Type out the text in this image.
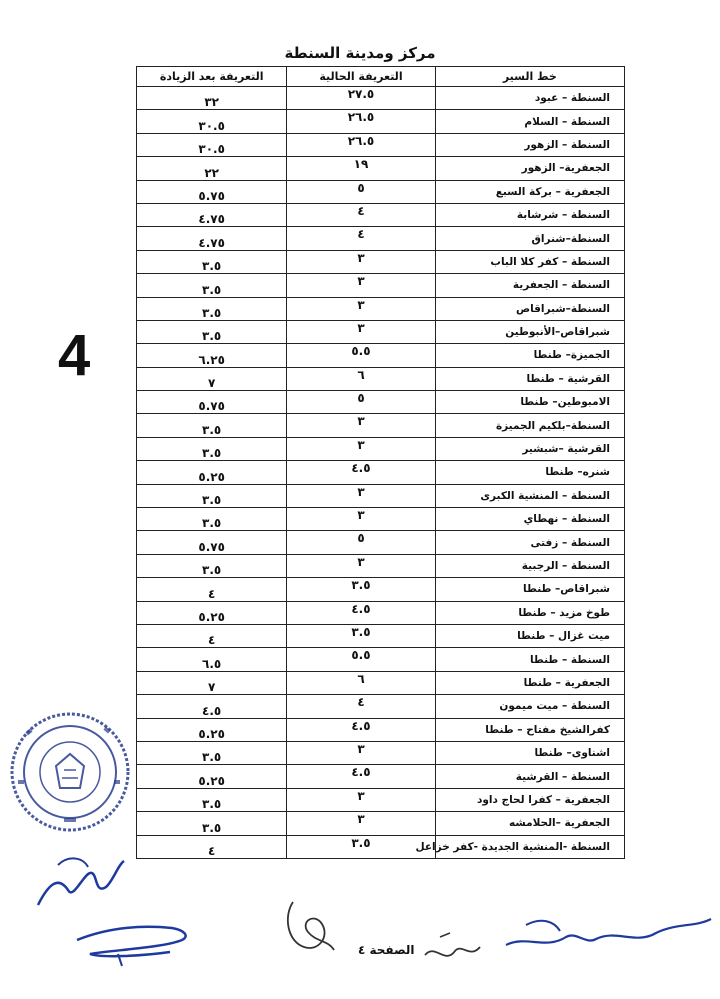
مركز ومدينة السنطة
خط السير	التعريفة الحالية	التعريفة بعد الزيادة
السنطة – عبود	٢٧.٥	٣٢
السنطة – السلام	٢٦.٥	٣٠.٥
السنطة – الزهور	٢٦.٥	٣٠.٥
الجعفرية– الزهور	١٩	٢٢
الجعفرية – بركة السبع	٥	٥.٧٥
السنطة – شرشابة	٤	٤.٧٥
السنطة–شنراق	٤	٤.٧٥
السنطة – كفر كلا الباب	٣	٣.٥
السنطة – الجعفرية	٣	٣.٥
السنطة–شبراقاص	٣	٣.٥
شبراقاص–الأنبوطين	٣	٣.٥
الجميزة– طنطا	٥.٥	٦.٢٥
القرشية – طنطا	٦	٧
الامبوطين– طنطا	٥	٥.٧٥
السنطة–بلكيم الجميزة	٣	٣.٥
القرشية –شبشير	٣	٣.٥
شنره– طنطا	٤.٥	٥.٢٥
السنطة – المنشية الكبرى	٣	٣.٥
السنطة – نهطاي	٣	٣.٥
السنطة – زفتى	٥	٥.٧٥
السنطة – الرجبية	٣	٣.٥
شبراقاص– طنطا	٣.٥	٤
طوخ مزيد – طنطا	٤.٥	٥.٢٥
ميت غزال – طنطا	٣.٥	٤
السنطة – طنطا	٥.٥	٦.٥
الجعفرية – طنطا	٦	٧
السنطة – ميت ميمون	٤	٤.٥
كفرالشيخ مفتاح – طنطا	٤.٥	٥.٢٥
اشناوى– طنطا	٣	٣.٥
السنطة – القرشية	٤.٥	٥.٢٥
الجعفرية – كفرا لحاج داود	٣	٣.٥
الجعفرية –الحلامشه	٣	٣.٥
السنطة -المنشية الجديدة -كفر خزاعل	٣.٥	٤
4
الصفحة ٤
